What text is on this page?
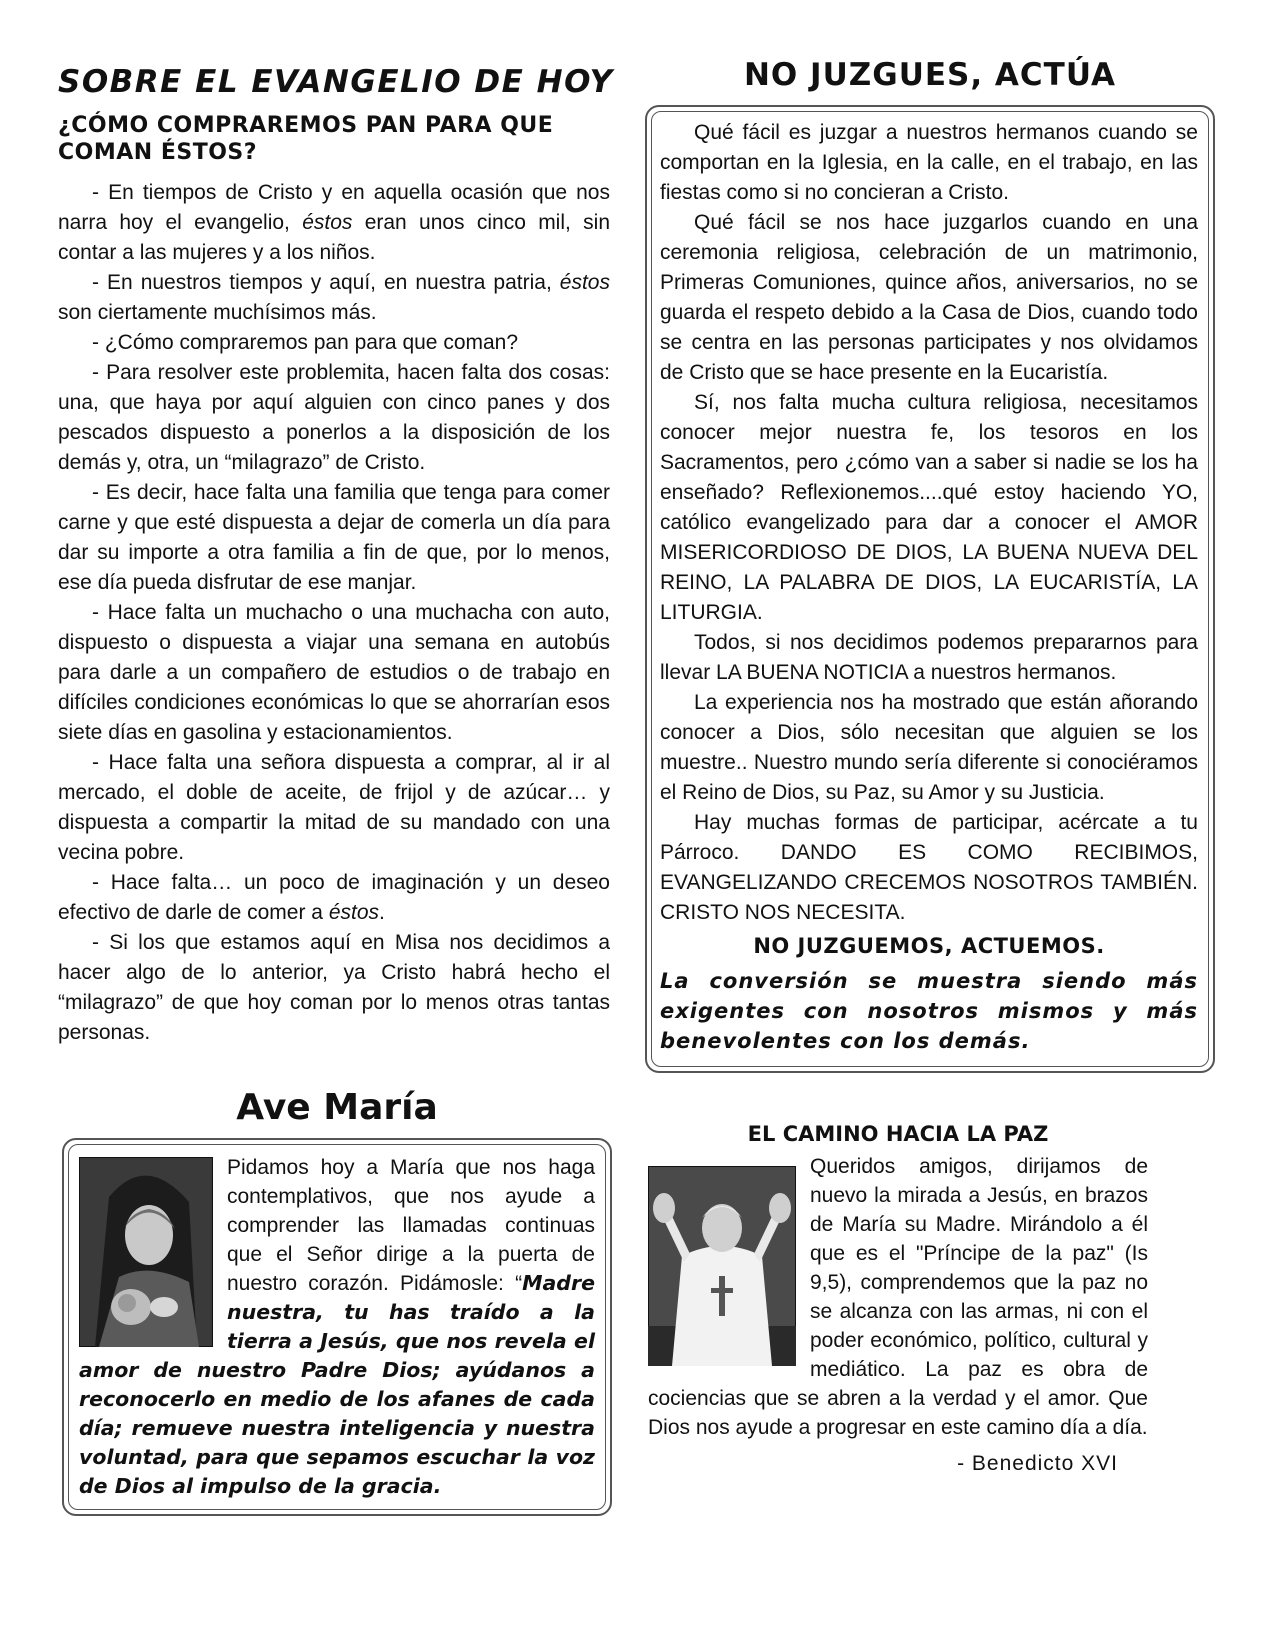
SOBRE EL EVANGELIO DE HOY
¿CÓMO COMPRAREMOS PAN PARA QUE COMAN ÉSTOS?

- En tiempos de Cristo y en aquella ocasión que nos narra hoy el evangelio, éstos eran unos cinco mil, sin contar a las mujeres y a los niños.

- En nuestros tiempos y aquí, en nuestra patria, éstos son ciertamente muchísimos más.

- ¿Cómo compraremos pan para que coman?

- Para resolver este problemita, hacen falta dos cosas: una, que haya por aquí alguien con cinco panes y dos pescados dispuesto a ponerlos a la disposición de los demás y, otra, un “milagrazo” de Cristo.

- Es decir, hace falta una familia que tenga para comer carne y que esté dispuesta a dejar de comerla un día para dar su importe a otra familia a fin de que, por lo menos, ese día pueda disfrutar de ese manjar.

- Hace falta un muchacho o una muchacha con auto, dispuesto o dispuesta a viajar una semana en autobús para darle a un compañero de estudios o de trabajo en difíciles condiciones económicas lo que se ahorrarían esos siete días en gasolina y estacionamientos.

- Hace falta una señora dispuesta a comprar, al ir al mercado, el doble de aceite, de frijol y de azúcar… y dispuesta a compartir la mitad de su mandado con una vecina pobre.

- Hace falta… un poco de imaginación y un deseo efectivo de darle de comer a éstos.

- Si los que estamos aquí en Misa nos decidimos a hacer algo de lo anterior, ya Cristo habrá hecho el “milagrazo” de que hoy coman por lo menos otras tantas personas.

NO JUZGUES, ACTÚA

Qué fácil es juzgar a nuestros hermanos cuando se comportan en la Iglesia, en la calle, en el trabajo, en las fiestas como si no concieran a Cristo.

Qué fácil se nos hace juzgarlos cuando en una ceremonia religiosa, celebración de un matrimonio, Primeras Comuniones, quince años, aniversarios, no se guarda el respeto debido a la Casa de Dios, cuando todo se centra en las personas participates y nos olvidamos de Cristo que se hace presente en la Eucaristía.

Sí, nos falta mucha cultura religiosa, necesitamos conocer mejor nuestra fe, los tesoros en los Sacramentos, pero ¿cómo van a saber si nadie se los ha enseñado? Reflexionemos....qué estoy haciendo YO, católico evangelizado para dar a conocer el AMOR MISERICORDIOSO DE DIOS, LA BUENA NUEVA DEL REINO, LA PALABRA DE DIOS, LA EUCARISTÍA, LA LITURGIA.

Todos, si nos decidimos podemos prepararnos para llevar LA BUENA NOTICIA a nuestros hermanos.

La experiencia nos ha mostrado que están añorando conocer a Dios, sólo necesitan que alguien se los muestre.. Nuestro mundo sería diferente si conociéramos el Reino de Dios, su Paz, su Amor y su Justicia.

Hay muchas formas de participar, acércate a tu Párroco. DANDO ES COMO RECIBIMOS, EVANGELIZANDO CRECEMOS NOSOTROS TAMBIÉN. CRISTO NOS NECESITA.

NO JUZGUEMOS, ACTUEMOS.

La conversión se muestra siendo más exigentes con nosotros mismos y más benevolentes con los demás.

Ave María

Pidamos hoy a María que nos haga contemplativos, que nos ayude a comprender las llamadas continuas que el Señor dirige a la puerta de nuestro corazón. Pidámosle: “Madre nuestra, tu has traído a la tierra a Jesús, que nos revela el amor de nuestro Padre Dios; ayúdanos a reconocerlo en medio de los afanes de cada día; remueve nuestra inteligencia y nuestra voluntad, para que sepamos escuchar la voz de Dios al impulso de la gracia.

EL CAMINO HACIA LA PAZ

Queridos amigos, dirijamos de nuevo la mirada a Jesús, en brazos de María su Madre. Mirándolo a él que es el "Príncipe de la paz" (Is 9,5), comprendemos que la paz no se alcanza con las armas, ni con el poder económico, político, cultural y mediático. La paz es obra de cociencias que se abren a la verdad y el amor. Que Dios nos ayude a progresar en este camino día a día.

- Benedicto XVI
